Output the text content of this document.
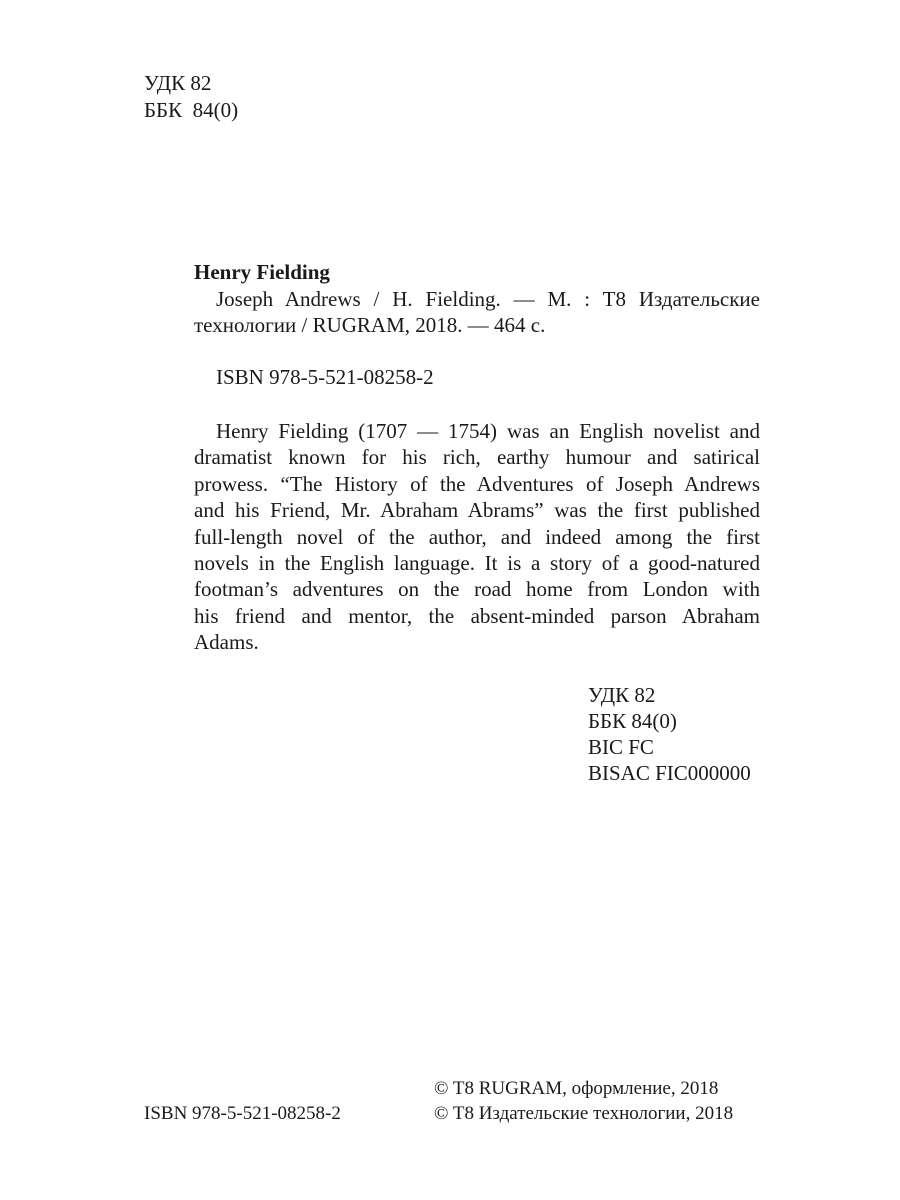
УДК 82
ББК  84(0)

Henry Fielding

Joseph Andrews / H. Fielding. — M. : T8 Издательские
технологии / RUGRAM, 2018. — 464 с.

ISBN 978-5-521-08258-2

Henry Fielding (1707 — 1754) was an English novelist and
dramatist known for his rich, earthy humour and satirical
prowess. “The History of the Adventures of Joseph Andrews
and his Friend, Mr. Abraham Abrams” was the first published
full-length novel of the author, and indeed among the first
novels in the English language. It is a story of a good-natured
footman’s adventures on the road home from London with
his friend and mentor, the absent-minded parson Abraham
Adams.
УДК 82
ББК 84(0)
BIC FC
BISAC FIC000000
ISBN 978-5-521-08258-2
© T8 RUGRAM, оформление, 2018
© T8 Издательские технологии, 2018
